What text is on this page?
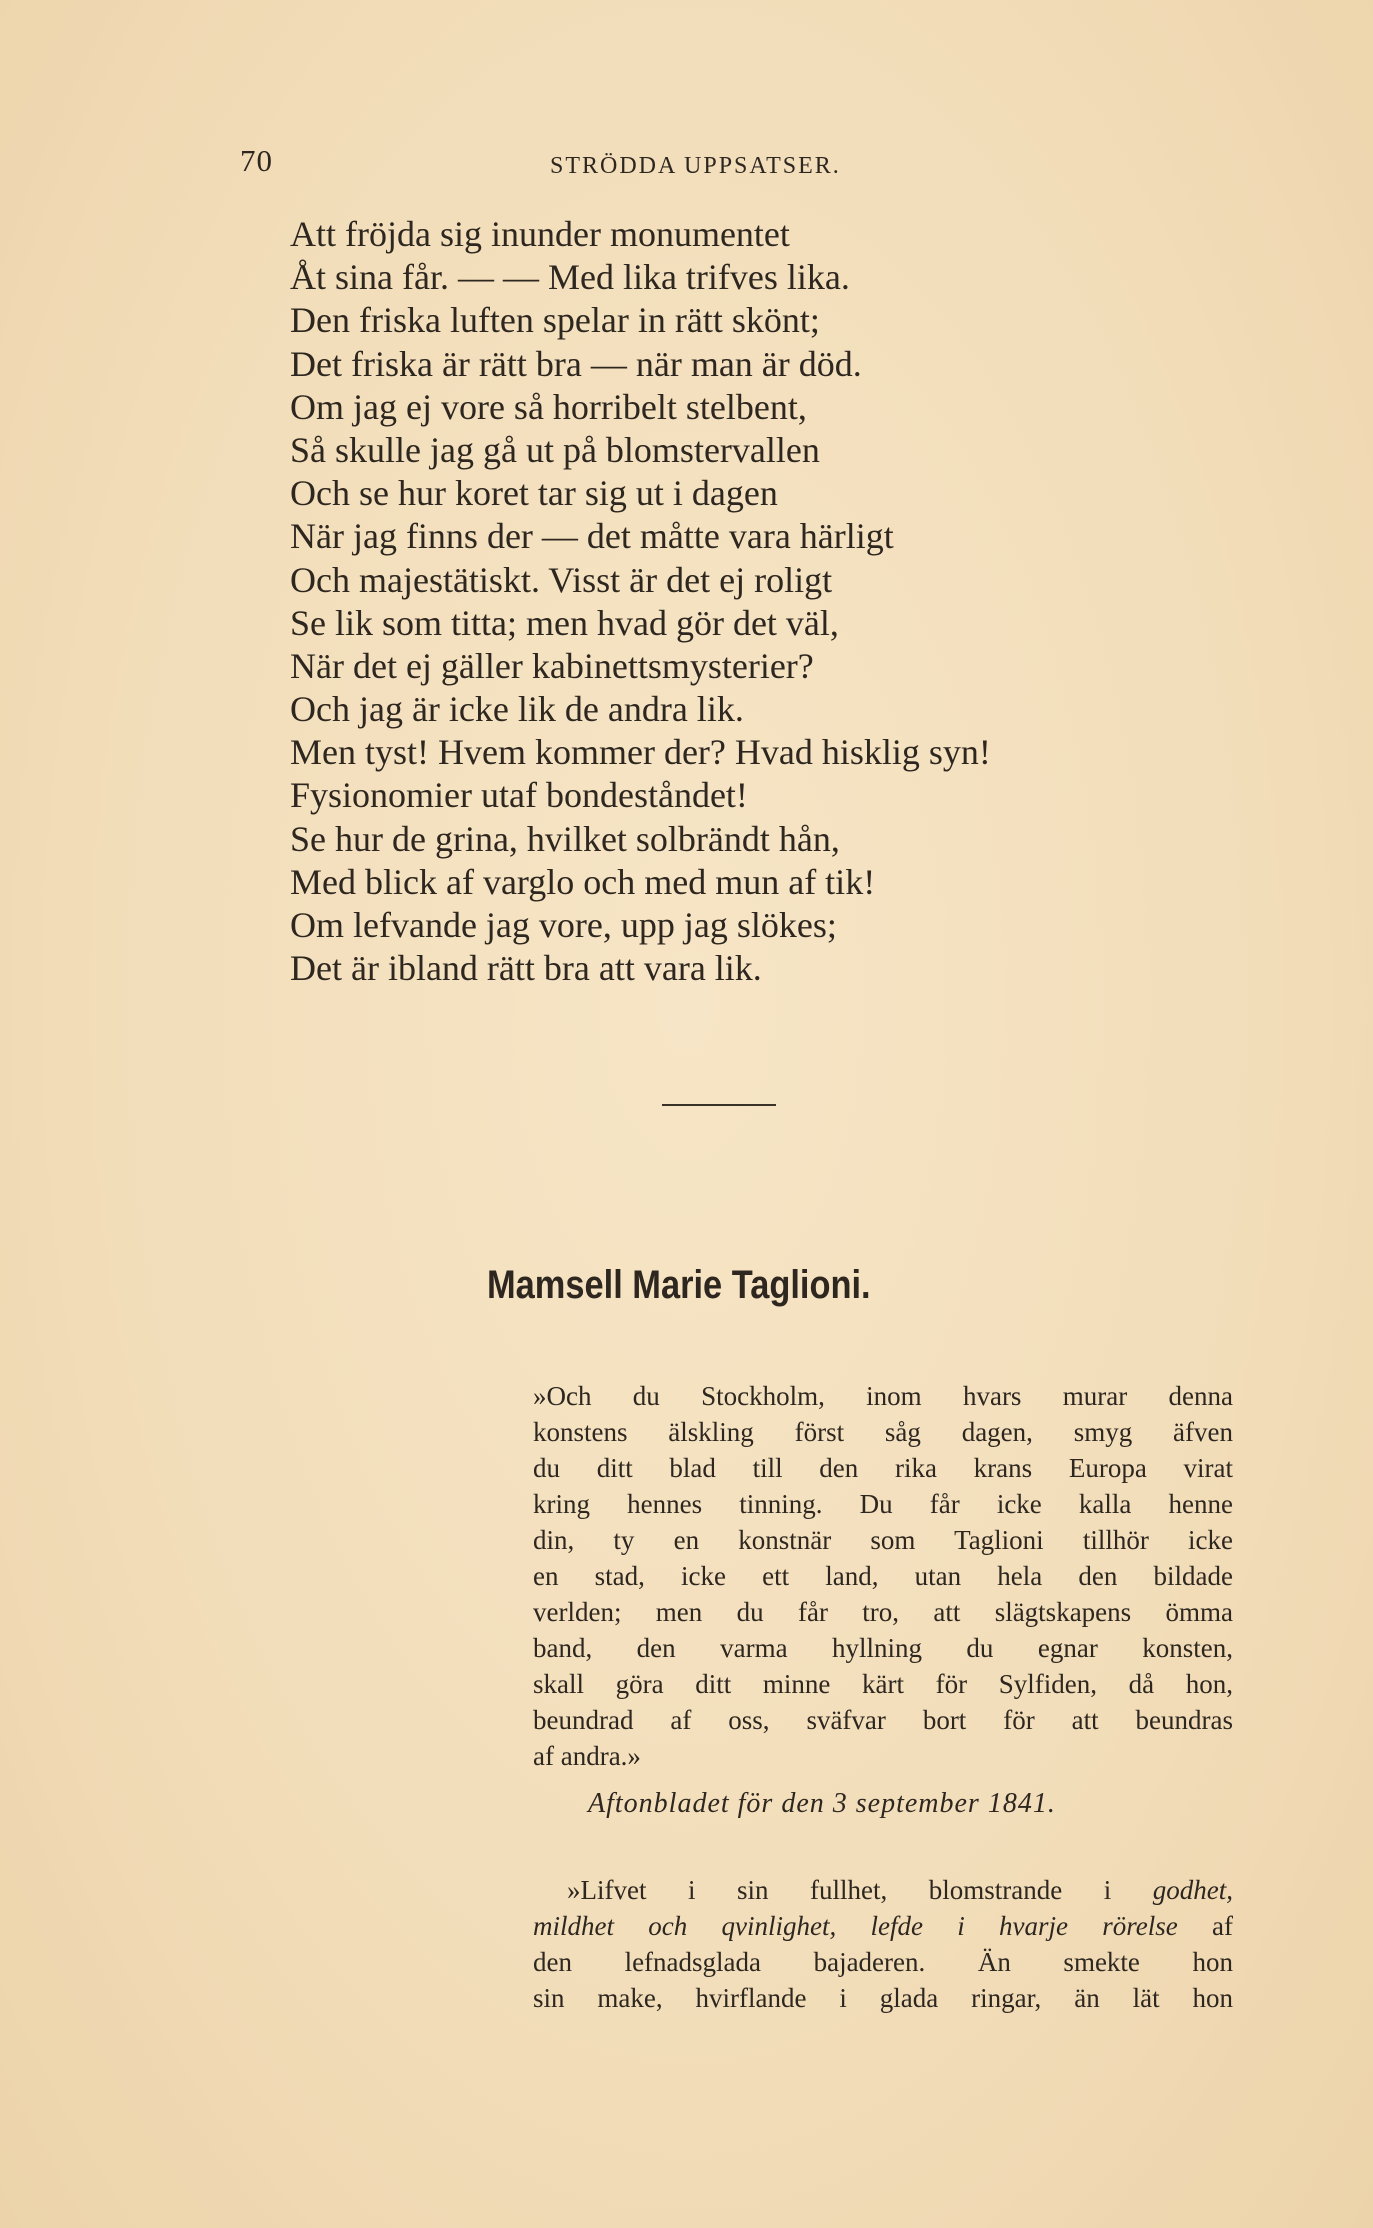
70	STRÖDDA UPPSATSER.
Att fröjda sig inunder monumentet
Åt sina får. — — Med lika trifves lika.
Den friska luften spelar in rätt skönt;
Det friska är rätt bra — när man är död.
Om jag ej vore så horribelt stelbent,
Så skulle jag gå ut på blomstervallen
Och se hur koret tar sig ut i dagen
När jag finns der — det måtte vara härligt
Och majestätiskt. Visst är det ej roligt
Se lik som titta; men hvad gör det väl,
När det ej gäller kabinettsmysterier?
Och jag är icke lik de andra lik.
Men tyst! Hvem kommer der? Hvad hisklig syn!
Fysionomier utaf bondeståndet!
Se hur de grina, hvilket solbrändt hån,
Med blick af varglo och med mun af tik!
Om lefvande jag vore, upp jag slökes;
Det är ibland rätt bra att vara lik.
Mamsell Marie Taglioni.
»Och du Stockholm, inom hvars murar denna
konstens älskling först såg dagen, smyg äfven
du ditt blad till den rika krans Europa virat
kring hennes tinning. Du får icke kalla henne
din, ty en konstnär som Taglioni tillhör icke
en stad, icke ett land, utan hela den bildade
verlden; men du får tro, att slägtskapens ömma
band, den varma hyllning du egnar konsten,
skall göra ditt minne kärt för Sylfiden, då hon,
beundrad af oss, sväfvar bort för att beundras
af andra.»
Aftonbladet för den 3 september 1841.
»Lifvet i sin fullhet, blomstrande i godhet,
mildhet och qvinlighet, lefde i hvarje rörelse af
den lefnadsglada bajaderen. Än smekte hon
sin make, hvirflande i glada ringar, än lät hon
